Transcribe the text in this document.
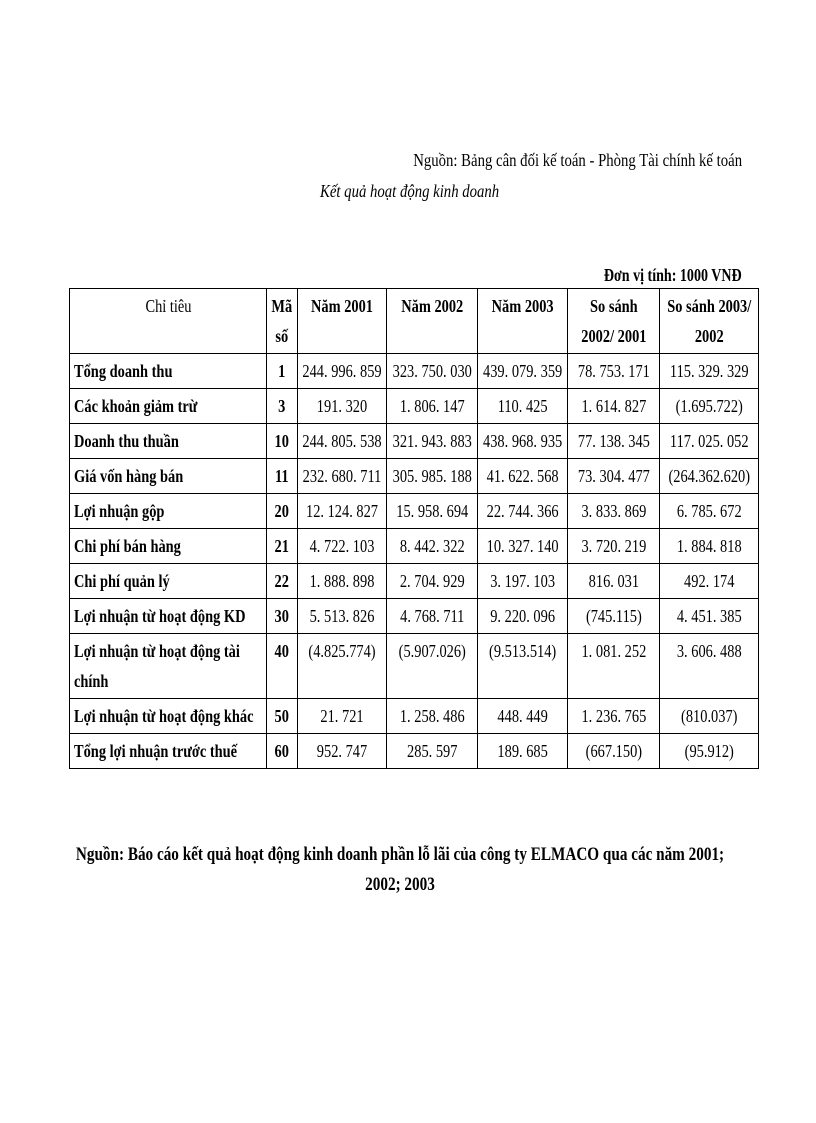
Nguồn: Bảng cân đối kế toán - Phòng Tài chính kế toán
Kết quả hoạt động kinh doanh
Đơn vị tính: 1000 VNĐ
Chỉ tiêu	Mã số	Năm 2001	Năm 2002	Năm 2003	So sánh 2002/ 2001	So sánh 2003/ 2002

Tổng doanh thu	1	244. 996. 859	323. 750. 030	439. 079. 359	78. 753. 171	115. 329. 329

Các khoản giảm trừ	3	191. 320	1. 806. 147	110. 425	1. 614. 827	(1.695.722)

Doanh thu thuần	10	244. 805. 538	321. 943. 883	438. 968. 935	77. 138. 345	117. 025. 052

Giá vốn hàng bán	11	232. 680. 711	305. 985. 188	41. 622. 568	73. 304. 477	(264.362.620)

Lợi nhuận gộp	20	12. 124. 827	15. 958. 694	22. 744. 366	3. 833. 869	6. 785. 672

Chi phí bán hàng	21	4. 722. 103	8. 442. 322	10. 327. 140	3. 720. 219	1. 884. 818

Chi phí quản lý	22	1. 888. 898	2. 704. 929	3. 197. 103	816. 031	492. 174

Lợi nhuận từ hoạt động KD	30	5. 513. 826	4. 768. 711	9. 220. 096	(745.115)	4. 451. 385

Lợi nhuận từ hoạt động tài chính	40	(4.825.774)	(5.907.026)	(9.513.514)	1. 081. 252	3. 606. 488

Lợi nhuận từ hoạt động khác	50	21. 721	1. 258. 486	448. 449	1. 236. 765	(810.037)

Tổng lợi nhuận trước thuế	60	952. 747	285. 597	189. 685	(667.150)	(95.912)
Nguồn: Báo cáo kết quả hoạt động kinh doanh phần lỗ lãi của công ty ELMACO qua các năm 2001; 2002; 2003
